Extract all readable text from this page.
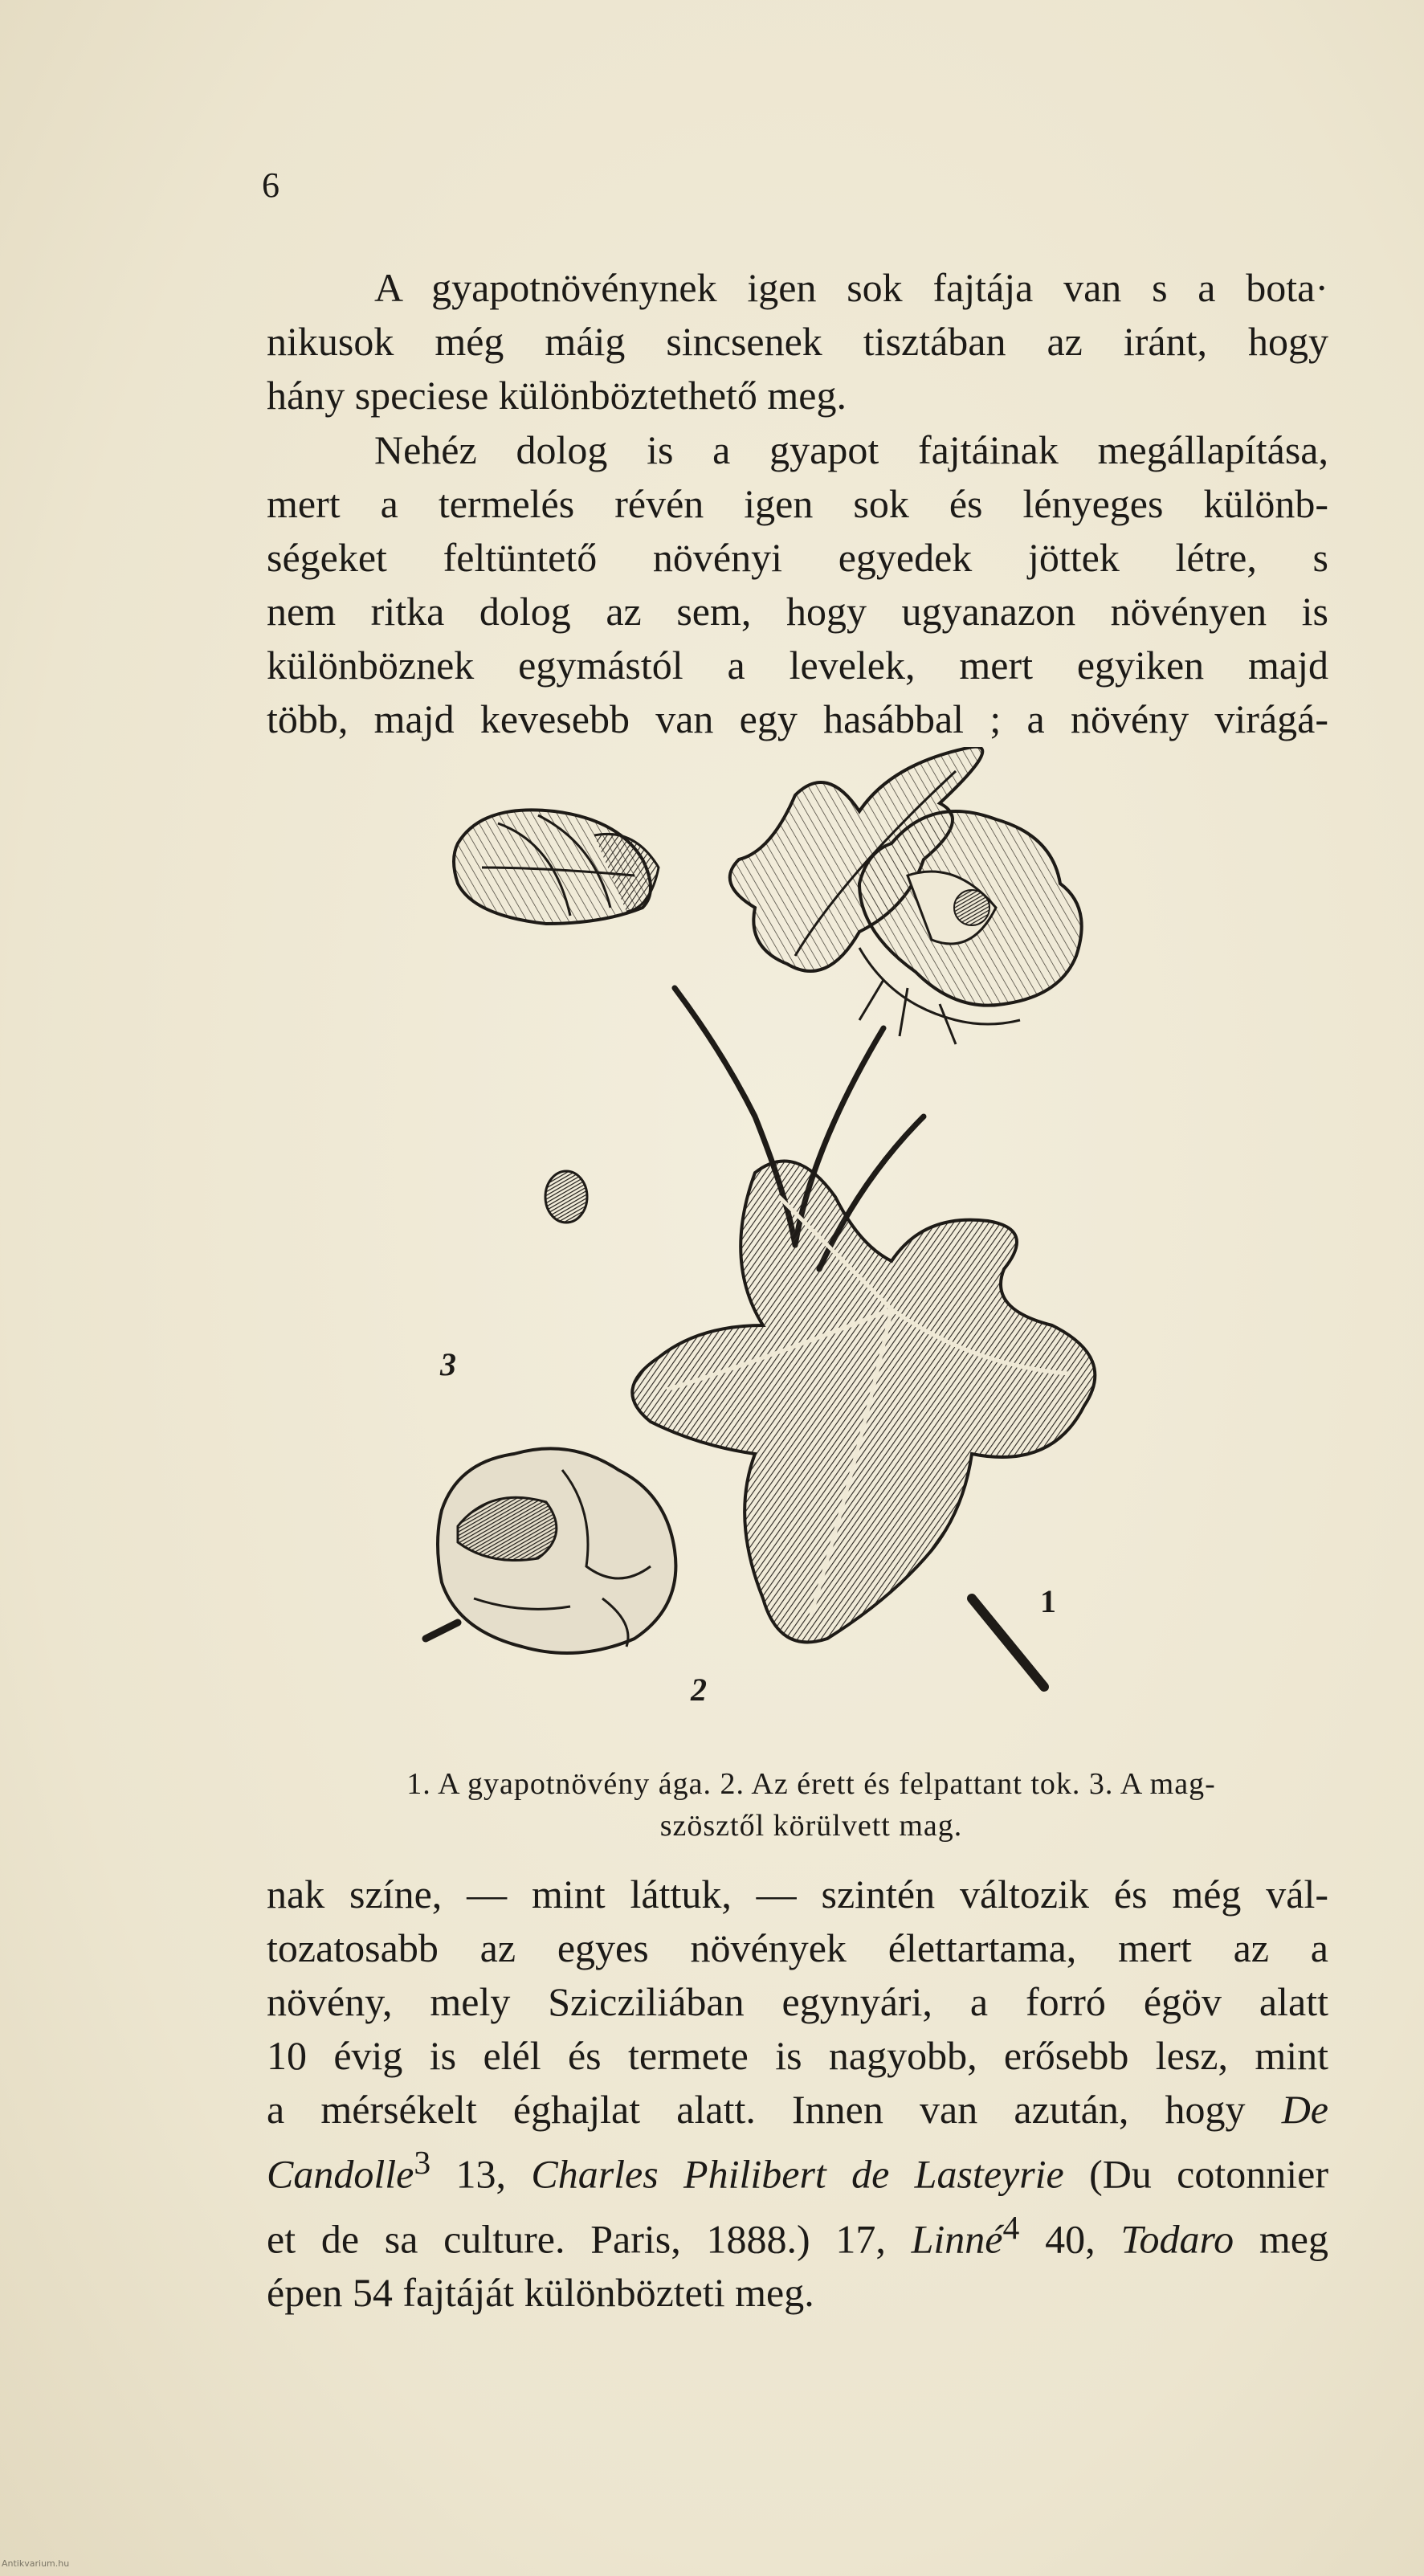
6
A gyapotnövénynek igen sok fajtája van s a bota·
nikusok még máig sincsenek tisztában az iránt, hogy
hány speciese különböztethető meg.
Nehéz dolog is a gyapot fajtáinak megállapítása,
mert a termelés révén igen sok és lényeges különb-
ségeket feltüntető növényi egyedek jöttek létre, s
nem ritka dolog az sem, hogy ugyanazon növényen is
különböznek egymástól a levelek, mert egyiken majd
több, majd kevesebb van egy hasábbal ; a növény virágá-
1
2
3
1. A gyapotnövény ága. 2. Az érett és felpattant tok. 3. A mag-
szösztől körülvett mag.
nak színe, — mint láttuk, — szintén változik és még vál-
tozatosabb az egyes növények élettartama, mert az a
növény, mely Szicziliában egynyári, a forró égöv alatt
10 évig is elél és termete is nagyobb, erősebb lesz, mint
a mérsékelt éghajlat alatt. Innen van azután, hogy De
Candolle$^3$ 13, Charles Philibert de Lasteyrie (Du cotonnier
et de sa culture. Paris, 1888.) 17, Linné$^4$ 40, Todaro meg
épen 54 fajtáját különbözteti meg.
Antikvarium.hu
